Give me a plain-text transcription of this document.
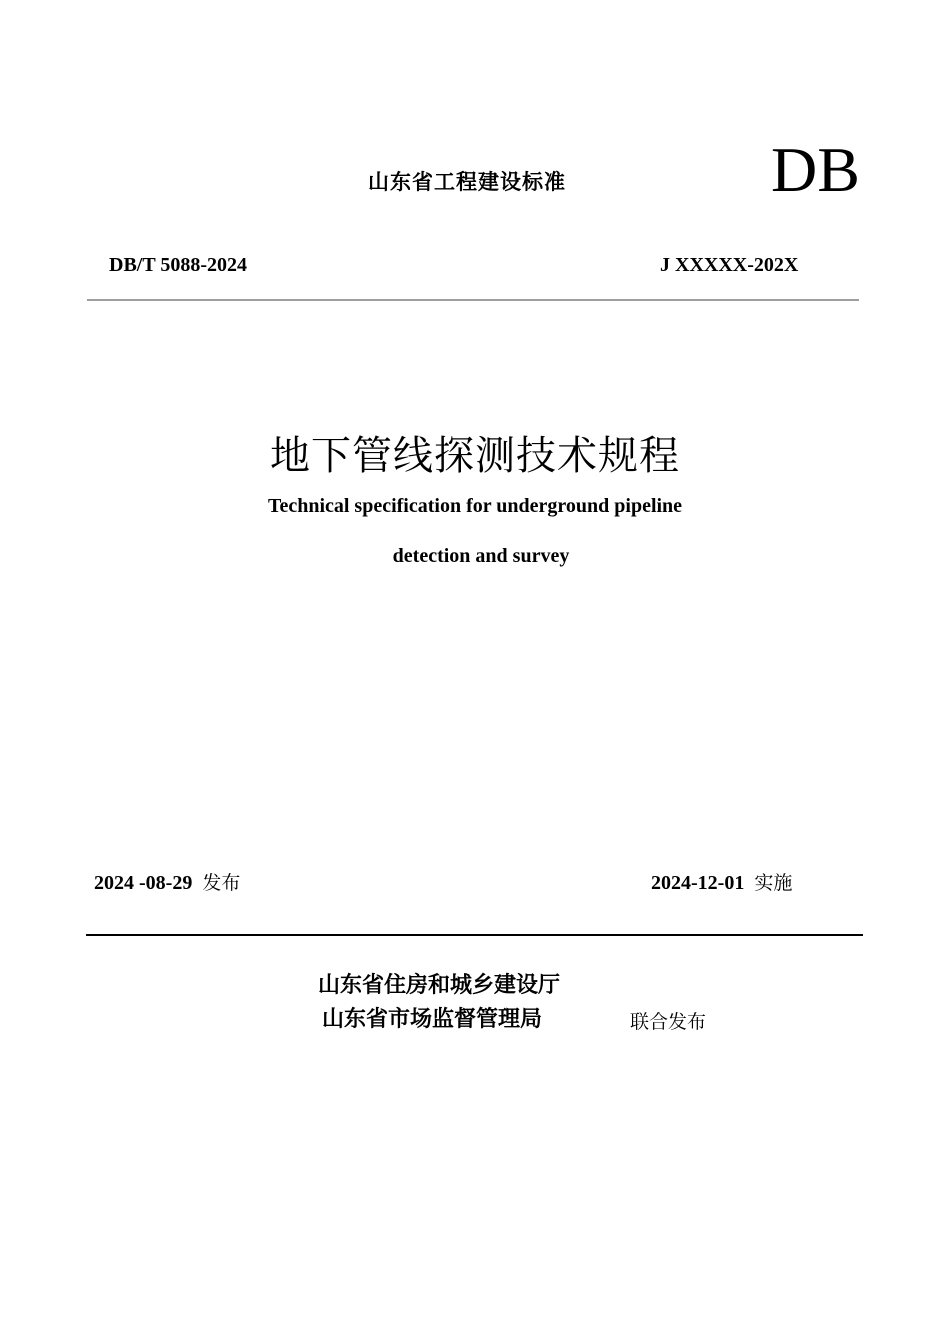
山东省工程建设标准	DB
DB/T 5088-2024	J XXXXX-202X
地下管线探测技术规程
Technical specification for underground pipeline
detection and survey
2024 -08-29 发布	2024-12-01 实施
山东省住房和城乡建设厅
山东省市场监督管理局	联合发布
